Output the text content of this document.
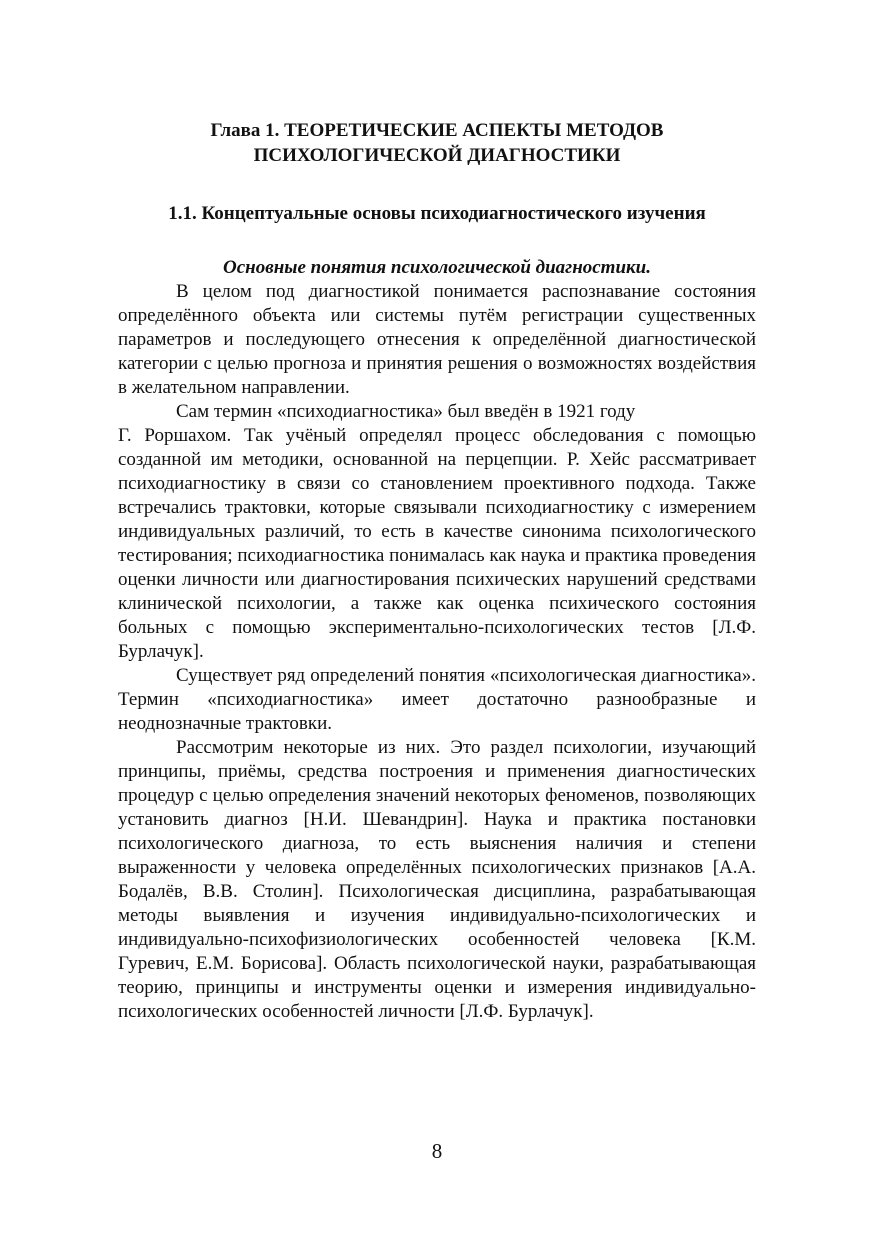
Глава 1. ТЕОРЕТИЧЕСКИЕ АСПЕКТЫ МЕТОДОВ
ПСИХОЛОГИЧЕСКОЙ ДИАГНОСТИКИ
1.1. Концептуальные основы психодиагностического изучения
Основные понятия психологической диагностики.

В целом под диагностикой понимается распознавание состояния определённого объекта или системы путём регистрации существенных параметров и последующего отнесения к определённой диагностической категории с целью прогноза и принятия решения о возможностях воздействия в желательном направлении.

Сам термин «психодиагностика» был введён в 1921 году
Г. Роршахом. Так учёный определял процесс обследования с помощью созданной им методики, основанной на перцепции. Р. Хейс рассматривает психодиагностику в связи со становлением проективного подхода. Также встречались трактовки, которые связывали психодиагностику с измерением индивидуальных различий, то есть в качестве синонима психологического тестирования; психодиагностика понималась как наука и практика проведения оценки личности или диагностирования психических нарушений средствами клинической психологии, а также как оценка психического состояния больных с помощью экспериментально-психологических тестов [Л.Ф. Бурлачук].

Существует ряд определений понятия «психологическая диагностика». Термин «психодиагностика» имеет достаточно разнообразные и неоднозначные трактовки.

Рассмотрим некоторые из них. Это раздел психологии, изучающий принципы, приёмы, средства построения и применения диагностических процедур с целью определения значений некоторых феноменов, позволяющих установить диагноз [Н.И. Шевандрин]. Наука и практика постановки психологического диагноза, то есть выяснения наличия и степени выраженности у человека определённых психологических признаков [А.А. Бодалёв, В.В. Столин]. Психологическая дисциплина, разрабатывающая методы выявления и изучения индивидуально-психологических и индивидуально-психофизиологических особенностей человека [К.М. Гуревич, Е.М. Борисова]. Область психологической науки, разрабатывающая теорию, принципы и инструменты оценки и измерения индивидуально-психологических особенностей личности [Л.Ф. Бурлачук].

8
